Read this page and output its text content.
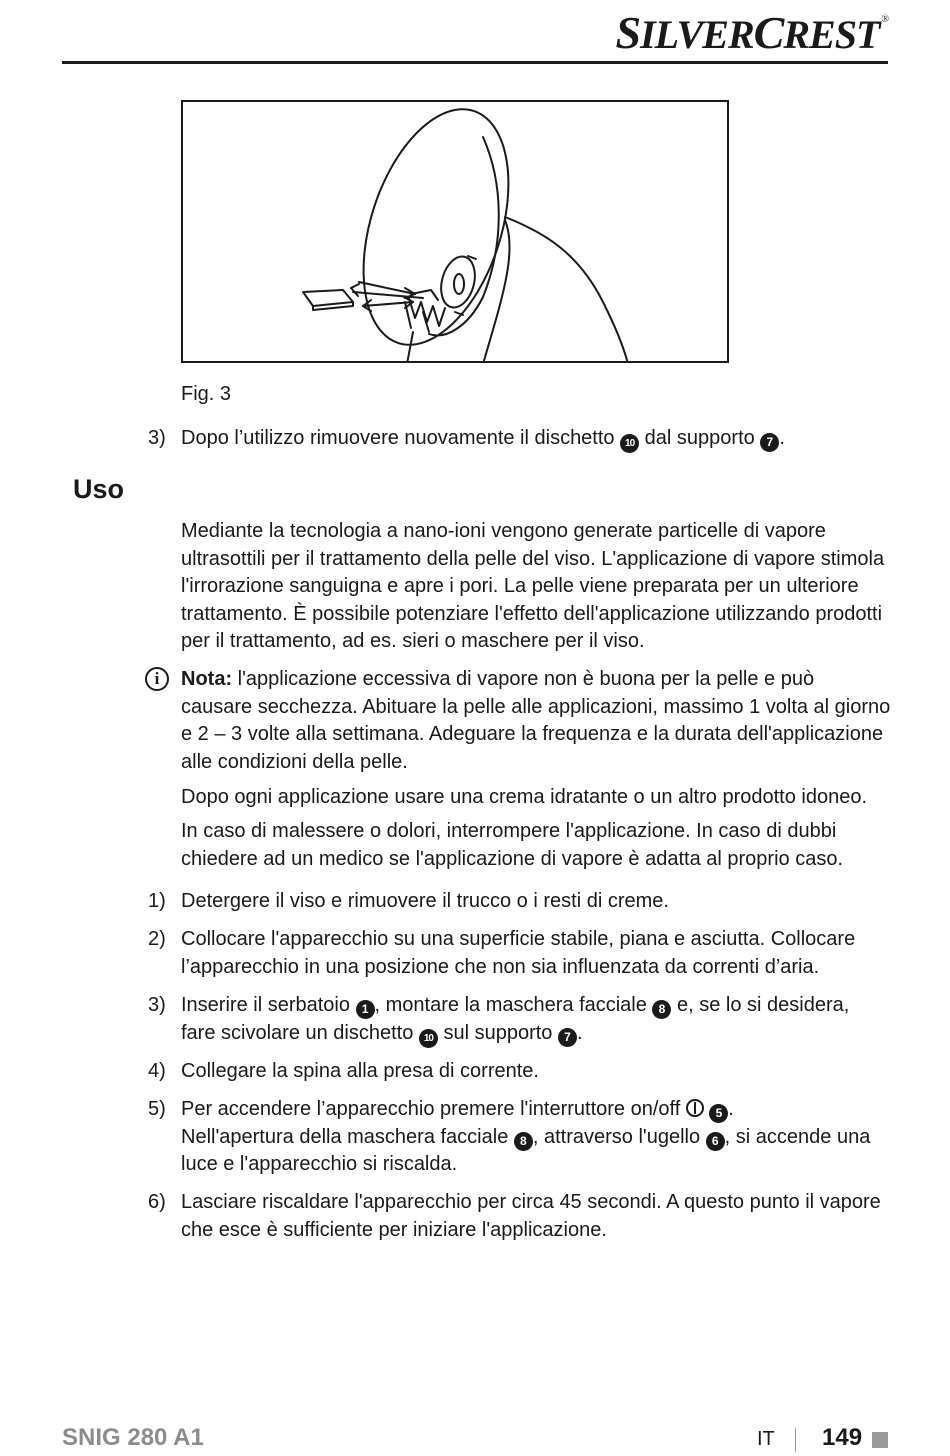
SILVERCREST ®
Fig. 3
3) Dopo l’utilizzo rimuovere nuovamente il dischetto 10 dal supporto 7 .
Uso
Mediante la tecnologia a nano-ioni vengono generate particelle di vapore
ultrasottili per il trattamento della pelle del viso. L'applicazione di vapore stimola
l'irrorazione sanguigna e apre i pori. La pelle viene preparata per un ulteriore
trattamento. È possibile potenziare l'effetto dell'applicazione utilizzando prodotti
per il trattamento, ad es. sieri o maschere per il viso.
i	Nota: l'applicazione eccessiva di vapore non è buona per la pelle e può
causare secchezza. Abituare la pelle alle applicazioni, massimo 1 volta al giorno
e 2 – 3 volte alla settimana. Adeguare la frequenza e la durata dell'applicazione
alle condizioni della pelle.
Dopo ogni applicazione usare una crema idratante o un altro prodotto idoneo.
In caso di malessere o dolori, interrompere l'applicazione. In caso di dubbi
chiedere ad un medico se l'applicazione di vapore è adatta al proprio caso.
1) Detergere il viso e rimuovere il trucco o i resti di creme.
2) Collocare l'apparecchio su una superficie stabile, piana e asciutta. Collocare
l’apparecchio in una posizione che non sia influenzata da correnti d’aria.
3) Inserire il serbatoio 1 , montare la maschera facciale 8 e, se lo si desidera,
fare scivolare un dischetto 10 sul supporto 7 .
4) Collegare la spina alla presa di corrente.
5) Per accendere l’apparecchio premere l'interruttore on/off  5 .
Nell'apertura della maschera facciale 8 , attraverso l'ugello 6 , si accende una
luce e l'apparecchio si riscalda.
6) Lasciare riscaldare l'apparecchio per circa 45 secondi. A questo punto il vapore
che esce è sufficiente per iniziare l'applicazione.
SNIG 280 A1	IT 149
